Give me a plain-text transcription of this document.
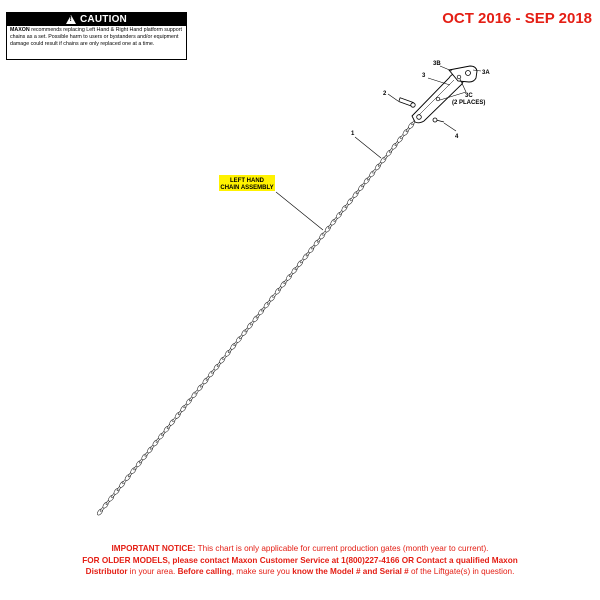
!
CAUTION
MAXON recommends replacing Left Hand & Right Hand platform support chains as a set. Possible harm to users or bystanders and/or equipment damage could result if chains are only replaced one at a time.
OCT 2016 - SEP 2018
1
2
3
3B
3A
3C
(2 PLACES)
4
LEFT HAND
CHAIN ASSEMBLY
IMPORTANT NOTICE: This chart is only applicable for current production gates (month year to current).
FOR OLDER MODELS, please contact Maxon Customer Service at 1(800)227-4166 OR Contact a qualified Maxon
Distributor in your area. Before calling, make sure you know the Model # and Serial # of the Liftgate(s) in question.
